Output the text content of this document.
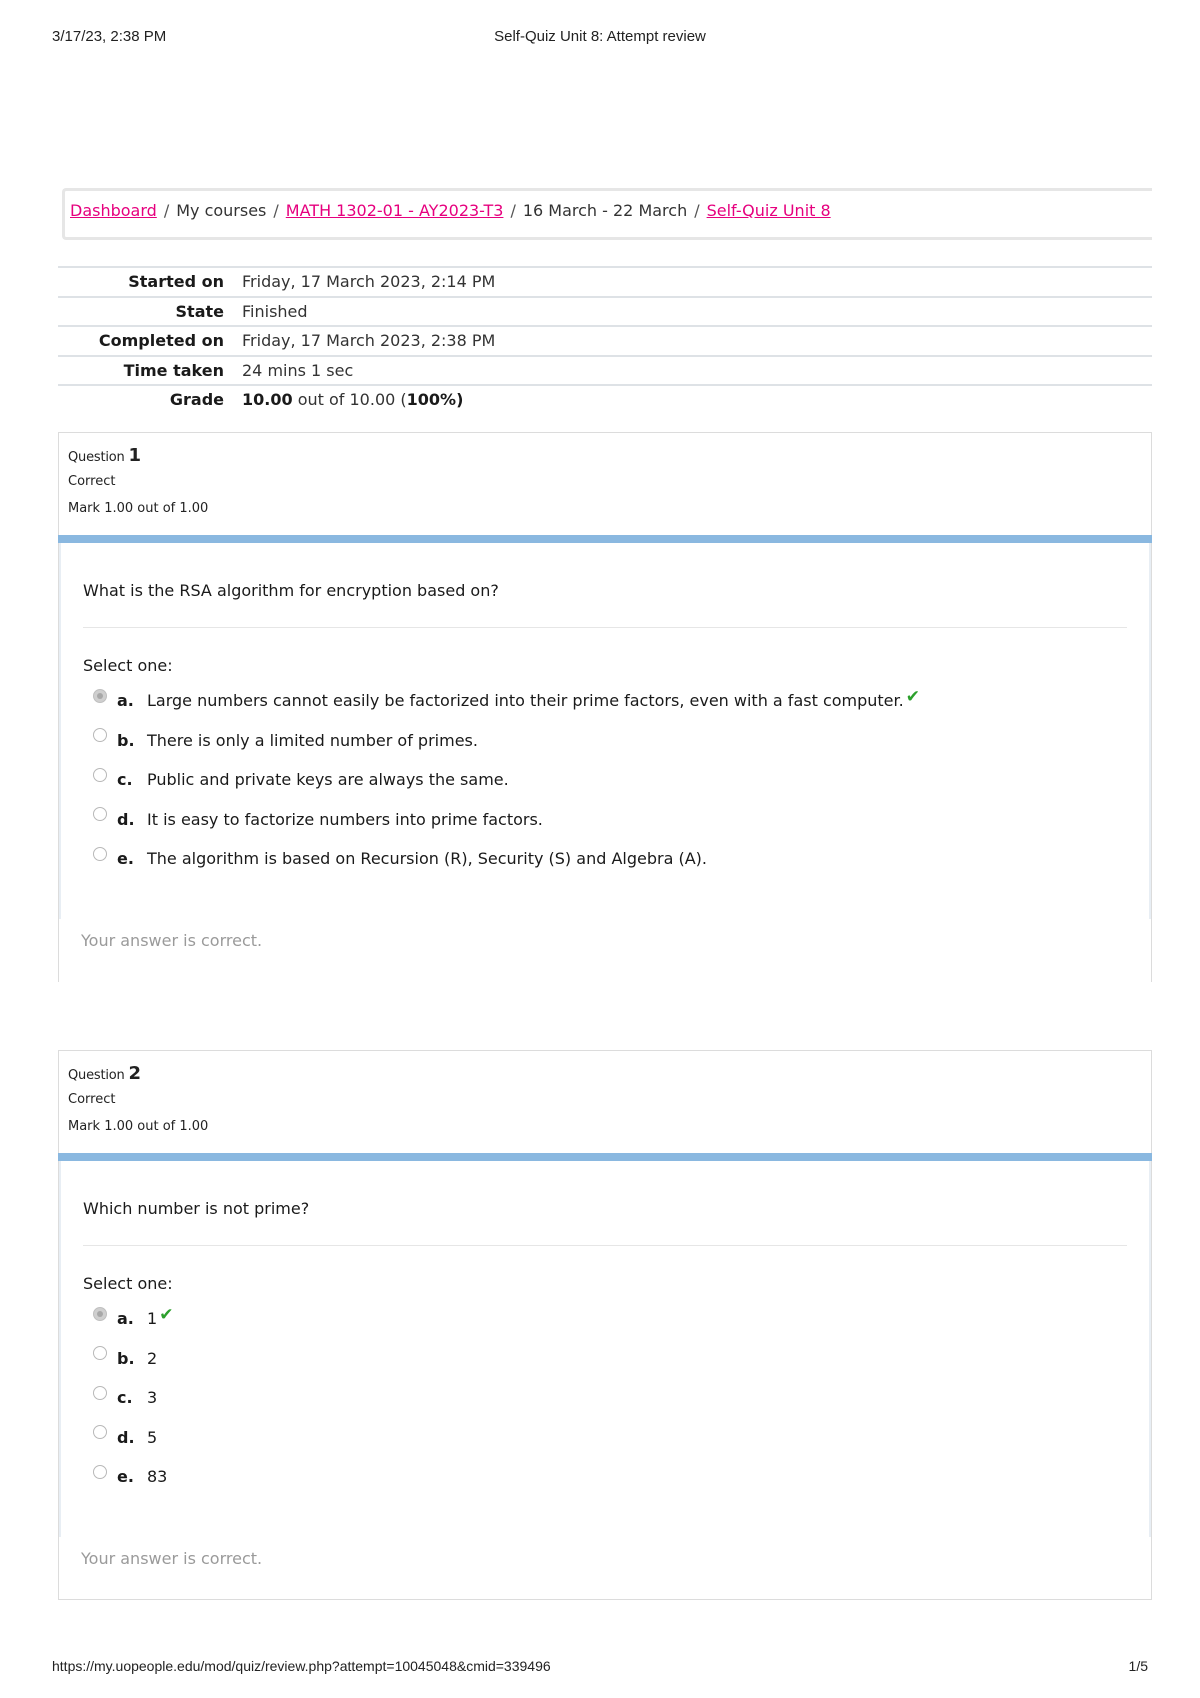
3/17/23, 2:38 PM	Self-Quiz Unit 8: Attempt review
Dashboard / My courses / MATH 1302-01 - AY2023-T3 / 16 March - 22 March / Self-Quiz Unit 8
Started on	Friday, 17 March 2023, 2:14 PM
State	Finished
Completed on	Friday, 17 March 2023, 2:38 PM
Time taken	24 mins 1 sec
Grade	10.00 out of 10.00 (100%)
Question 1
Correct
Mark 1.00 out of 1.00
What is the RSA algorithm for encryption based on?
Select one:
a. Large numbers cannot easily be factorized into their prime factors, even with a fast computer. ✔
b. There is only a limited number of primes.
c. Public and private keys are always the same.
d. It is easy to factorize numbers into prime factors.
e. The algorithm is based on Recursion (R), Security (S) and Algebra (A).
Your answer is correct.
Question 2
Correct
Mark 1.00 out of 1.00
Which number is not prime?
Select one:
a. 1 ✔
b. 2
c. 3
d. 5
e. 83
Your answer is correct.
https://my.uopeople.edu/mod/quiz/review.php?attempt=10045048&cmid=339496	1/5
